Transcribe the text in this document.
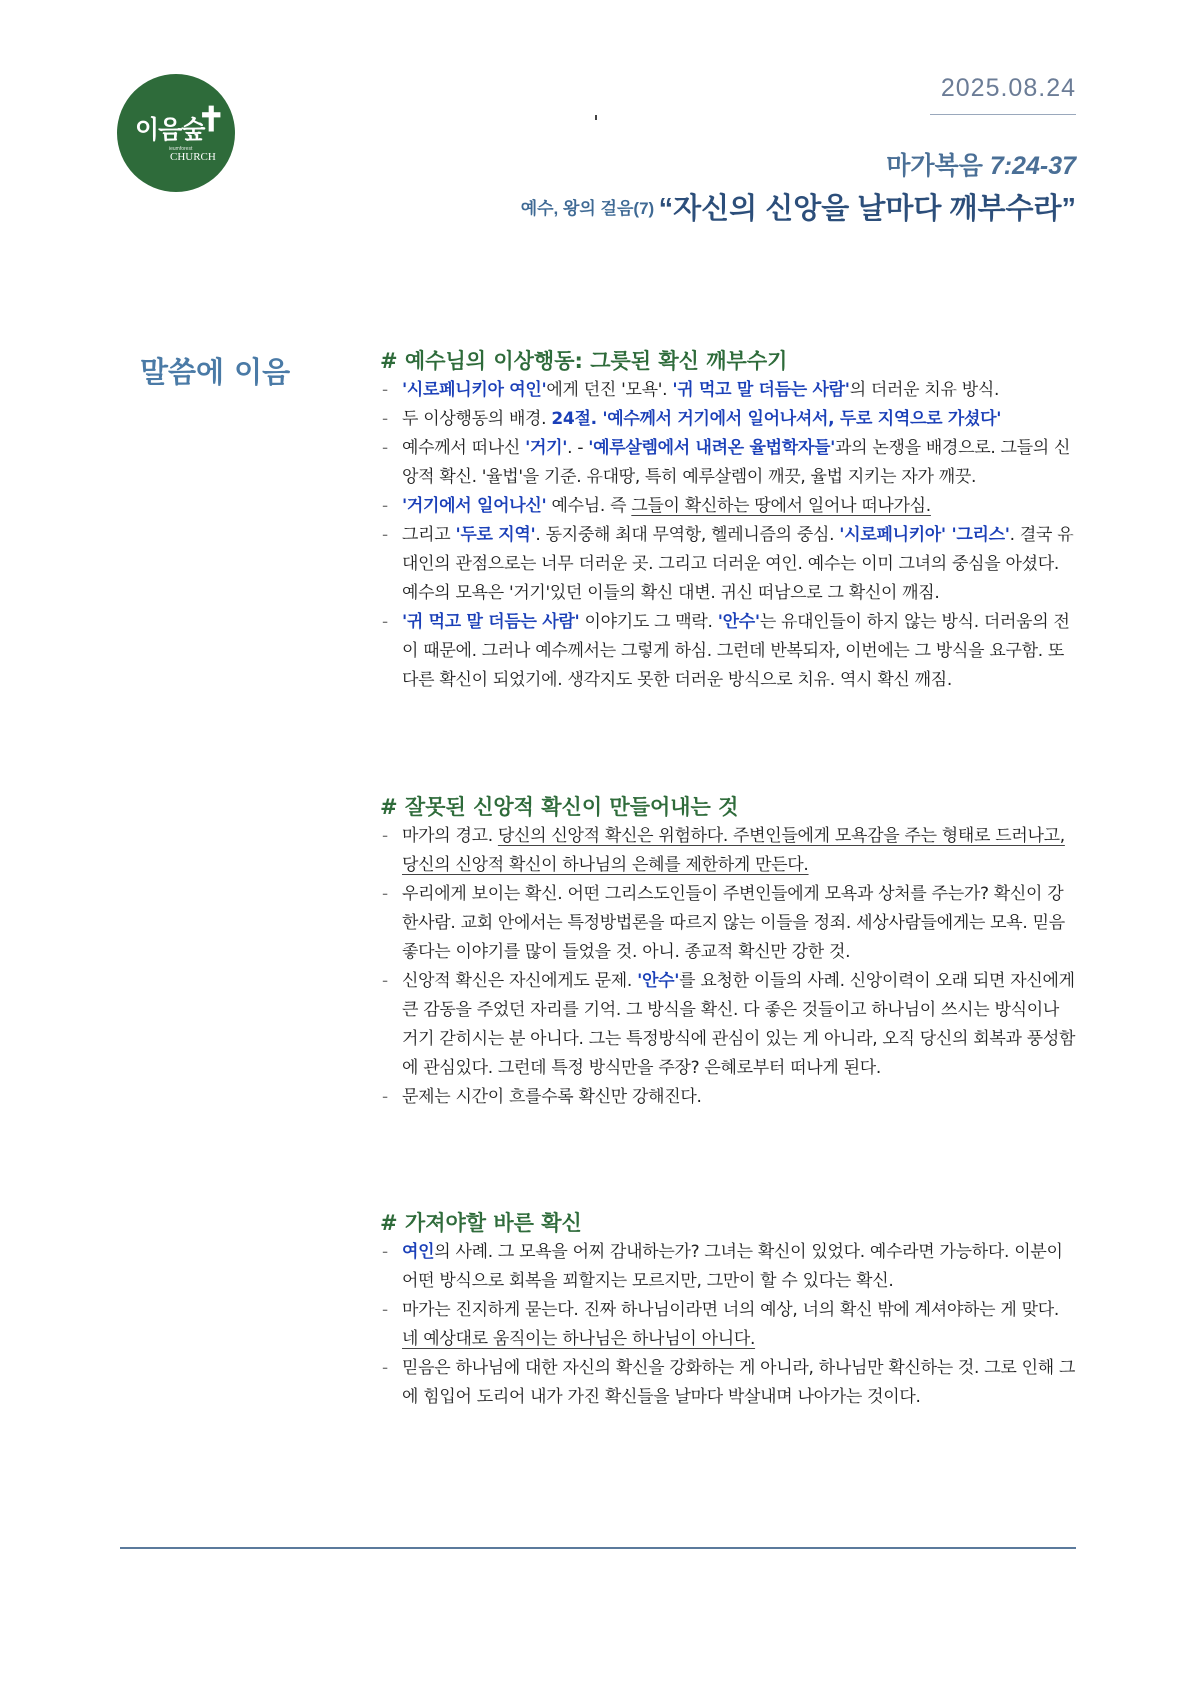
이음숲
✝
ieumforest
CHURCH
2025.08.24
마가복음 7:24-37
예수, 왕의 걸음(7) “자신의 신앙을 날마다 깨부수라”
말씀에 이음	# 예수님의 이상행동: 그릇된 확신 깨부수기
- '시로페니키아 여인'에게 던진 '모욕'. '귀 먹고 말 더듬는 사람'의 더러운 치유 방식.
- 두 이상행동의 배경. 24절. '예수께서 거기에서 일어나셔서, 두로 지역으로 가셨다'
- 예수께서 떠나신 '거기'. - '예루살렘에서 내려온 율법학자들'과의 논쟁을 배경으로. 그들의 신앙적 확신. '율법'을 기준. 유대땅, 특히 예루살렘이 깨끗, 율법 지키는 자가 깨끗.
- '거기에서 일어나신' 예수님. 즉 그들이 확신하는 땅에서 일어나 떠나가심.
- 그리고 '두로 지역'. 동지중해 최대 무역항, 헬레니즘의 중심. '시로페니키아' '그리스'. 결국 유대인의 관점으로는 너무 더러운 곳. 그리고 더러운 여인. 예수는 이미 그녀의 중심을 아셨다. 예수의 모욕은 '거기'있던 이들의 확신 대변. 귀신 떠남으로 그 확신이 깨짐.
- '귀 먹고 말 더듬는 사람' 이야기도 그 맥락. '안수'는 유대인들이 하지 않는 방식. 더러움의 전이 때문에. 그러나 예수께서는 그렇게 하심. 그런데 반복되자, 이번에는 그 방식을 요구함. 또다른 확신이 되었기에. 생각지도 못한 더러운 방식으로 치유. 역시 확신 깨짐.
# 잘못된 신앙적 확신이 만들어내는 것
- 마가의 경고. 당신의 신앙적 확신은 위험하다. 주변인들에게 모욕감을 주는 형태로 드러나고, 당신의 신앙적 확신이 하나님의 은혜를 제한하게 만든다.
- 우리에게 보이는 확신. 어떤 그리스도인들이 주변인들에게 모욕과 상처를 주는가? 확신이 강한사람. 교회 안에서는 특정방법론을 따르지 않는 이들을 정죄. 세상사람들에게는 모욕. 믿음 좋다는 이야기를 많이 들었을 것. 아니. 종교적 확신만 강한 것.
- 신앙적 확신은 자신에게도 문제. '안수'를 요청한 이들의 사례. 신앙이력이 오래 되면 자신에게 큰 감동을 주었던 자리를 기억. 그 방식을 확신. 다 좋은 것들이고 하나님이 쓰시는 방식이나 거기 갇히시는 분 아니다. 그는 특정방식에 관심이 있는 게 아니라, 오직 당신의 회복과 풍성함에 관심있다. 그런데 특정 방식만을 주장? 은혜로부터 떠나게 된다.
- 문제는 시간이 흐를수록 확신만 강해진다.
# 가져야할 바른 확신
- 여인의 사례. 그 모욕을 어찌 감내하는가? 그녀는 확신이 있었다. 예수라면 가능하다. 이분이 어떤 방식으로 회복을 꾀할지는 모르지만, 그만이 할 수 있다는 확신.
- 마가는 진지하게 묻는다. 진짜 하나님이라면 너의 예상, 너의 확신 밖에 계셔야하는 게 맞다. 네 예상대로 움직이는 하나님은 하나님이 아니다.
- 믿음은 하나님에 대한 자신의 확신을 강화하는 게 아니라, 하나님만 확신하는 것. 그로 인해 그에 힘입어 도리어 내가 가진 확신들을 날마다 박살내며 나아가는 것이다.
